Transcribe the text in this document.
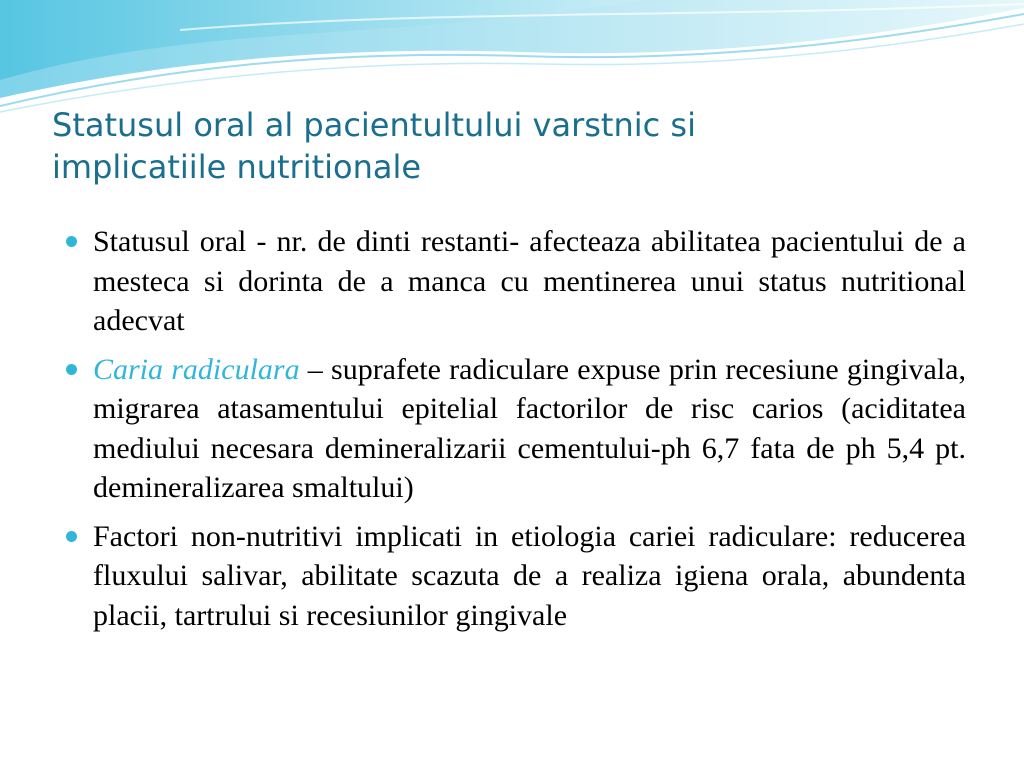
Statusul oral al pacientultului varstnic si
implicatiile nutritionale
Statusul oral - nr. de dinti restanti- afecteaza abilitatea pacientului de a mesteca si dorinta de a manca cu mentinerea unui status nutritional adecvat
Caria radiculara – suprafete radiculare expuse prin recesiune gingivala, migrarea atasamentului epitelial factorilor de risc carios (aciditatea mediului necesara demineralizarii cementului-ph 6,7 fata de ph 5,4 pt. demineralizarea smaltului)
Factori non-nutritivi implicati in etiologia cariei radiculare: reducerea fluxului salivar, abilitate scazuta de a realiza igiena orala, abundenta placii, tartrului si recesiunilor gingivale
